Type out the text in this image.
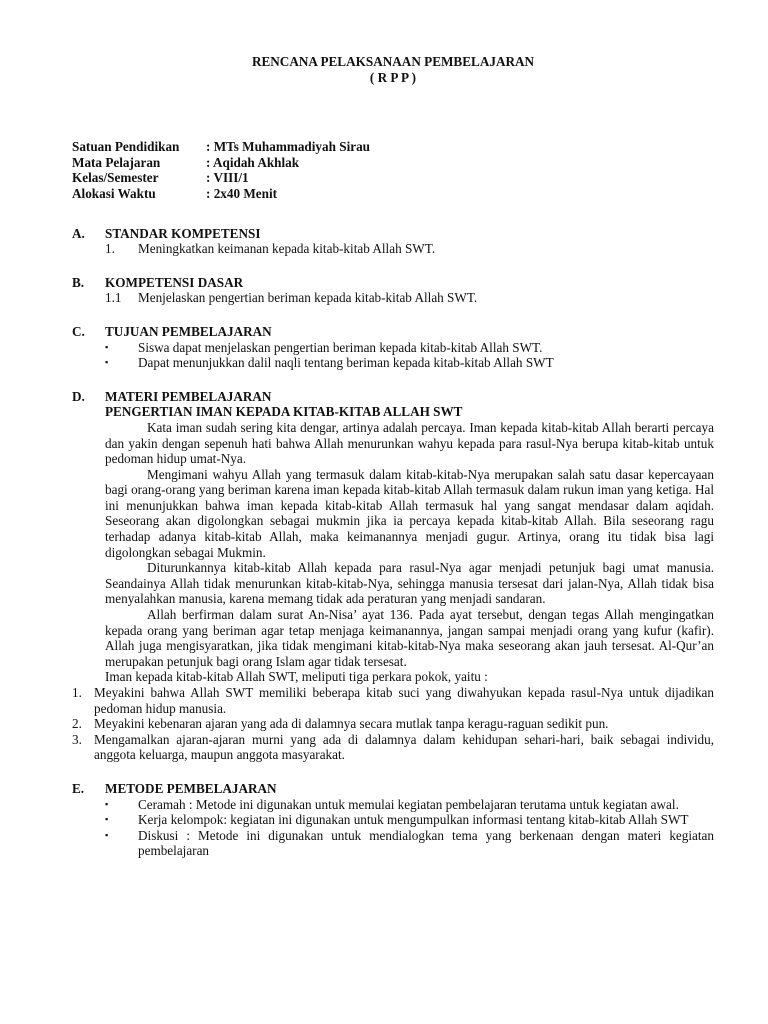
RENCANA PELAKSANAAN PEMBELAJARAN

( R P P )

Satuan Pendidikan	: MTs Muhammadiyah Sirau
Mata Pelajaran	: Aqidah Akhlak
Kelas/Semester	: VIII/1
Alokasi Waktu	: 2x40 Menit
A.	STANDAR KOMPETENSI
1.	Meningkatkan keimanan kepada kitab-kitab Allah SWT.
B.	KOMPETENSI DASAR
1.1	Menjelaskan pengertian beriman kepada kitab-kitab Allah SWT.
C.	TUJUAN PEMBELAJARAN
▪	Siswa dapat menjelaskan pengertian beriman kepada kitab-kitab Allah SWT.
▪	Dapat menunjukkan dalil naqli tentang beriman kepada kitab-kitab Allah SWT
D.	MATERI PEMBELAJARAN
PENGERTIAN IMAN KEPADA KITAB-KITAB ALLAH SWT

Kata iman sudah sering kita dengar, artinya adalah percaya. Iman kepada kitab-kitab Allah berarti percaya dan yakin dengan sepenuh hati bahwa Allah menurunkan wahyu kepada para rasul-Nya berupa kitab-kitab untuk pedoman hidup umat-Nya.

Mengimani wahyu Allah yang termasuk dalam kitab-kitab-Nya merupakan salah satu dasar kepercayaan bagi orang-orang yang beriman karena iman kepada kitab-kitab Allah termasuk dalam rukun iman yang ketiga. Hal ini menunjukkan bahwa iman kepada kitab-kitab Allah termasuk hal yang sangat mendasar dalam aqidah. Seseorang akan digolongkan sebagai mukmin jika ia percaya kepada kitab-kitab Allah. Bila seseorang ragu terhadap adanya kitab-kitab Allah, maka keimanannya menjadi gugur. Artinya, orang itu tidak bisa lagi digolongkan sebagai Mukmin.

Diturunkannya kitab-kitab Allah kepada para rasul-Nya agar menjadi petunjuk bagi umat manusia. Seandainya Allah tidak menurunkan kitab-kitab-Nya, sehingga manusia tersesat dari jalan-Nya, Allah tidak bisa menyalahkan manusia, karena memang tidak ada peraturan yang menjadi sandaran.

Allah berfirman dalam surat An-Nisa’ ayat 136. Pada ayat tersebut, dengan tegas Allah mengingatkan kepada orang yang beriman agar tetap menjaga keimanannya, jangan sampai menjadi orang yang kufur (kafir). Allah juga mengisyaratkan, jika tidak mengimani kitab-kitab-Nya maka seseorang akan jauh tersesat. Al-Qur’an merupakan petunjuk bagi orang Islam agar tidak tersesat.

Iman kepada kitab-kitab Allah SWT, meliputi tiga perkara pokok, yaitu :

1. Meyakini bahwa Allah SWT memiliki beberapa kitab suci yang diwahyukan kepada rasul-Nya untuk dijadikan pedoman hidup manusia.
2. Meyakini kebenaran ajaran yang ada di dalamnya secara mutlak tanpa keragu-raguan sedikit pun.
3. Mengamalkan ajaran-ajaran murni yang ada di dalamnya dalam kehidupan sehari-hari, baik sebagai individu, anggota keluarga, maupun anggota masyarakat.
E.	METODE PEMBELAJARAN
▪	Ceramah : Metode ini digunakan untuk memulai kegiatan pembelajaran terutama untuk kegiatan awal.
▪	Kerja kelompok: kegiatan ini digunakan untuk mengumpulkan informasi tentang kitab-kitab Allah SWT
▪	Diskusi : Metode ini digunakan untuk mendialogkan tema yang berkenaan dengan materi kegiatan pembelajaran
